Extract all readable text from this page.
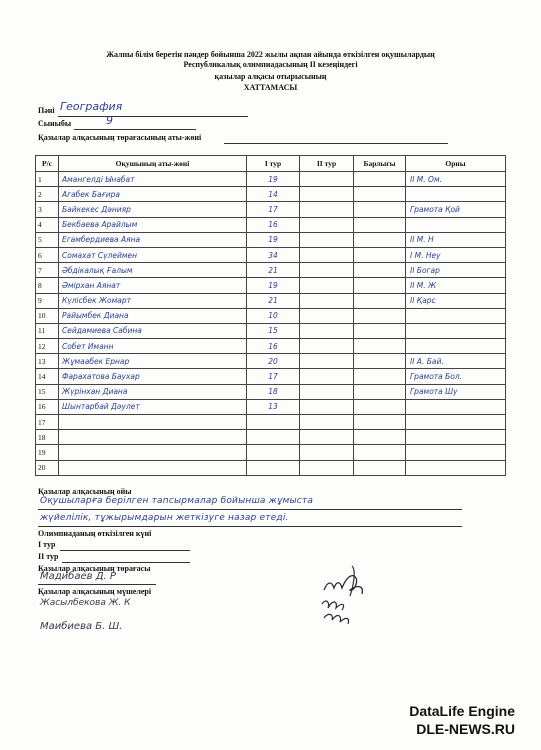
Жалпы білім беретін пәндер бойынша 2022 жылы ақпан айында өткізілген оқушылардың
Республикалық олимпиадасының ІІ кезеңіндегі
қазылар алқасы отырысының
ХАТТАМАСЫ
Пәні География
Сыныбы	9
Қазылар алқасының төрағасының аты-жөні
Р/с	Оқушының аты-жөні	І тур	ІІ тур	Барлығы	Орны
1	Амангелді Ынабат	19			ІІ М. Ом.
2	Агабек Бағира	14			
3	Байкекес Дәнияр	17			Грамота Қой
4	Бекбаева Арайлым	16			
5	Егамбердиева Аяна	19			ІІ М. Н
6	Сомахат Сүлеймен	34			І М. Неу
7	Әбдікалық Ғалым	21			ІІ Богар
8	Әмірхан Аянат	19			ІІ М. Ж
9	Күлісбек Жомарт	21			ІІ Қарс
10	Райымбек Диана	10			
11	Сейдамиева Сабина	15			
12	Собет Иманн	16			
13	Жұмаабек Ернар	20			ІІ А. Бай.
14	Фарахатова Баухар	17			Грамота Бол.
15	Жүрінхан Диана	18			Грамота Шу
16	Шынтарбай Дәулет	13			
17					
18					
19					
20					
Қазылар алқасының ойы
Оқушыларға берілген тапсырмалар бойынша жұмыста
жүйелілік, тұжырымдарын жеткізуге назар етеді.
Олимпиаданың өткізілген күні
І тур
ІІ тур
Қазылар алқасының төрағасы
Мадибаев Д. Р
Қазылар алқасының мүшелері
Жасылбекова Ж. К
Маибиева Б. Ш.
DataLife Engine
DLE-NEWS.RU
